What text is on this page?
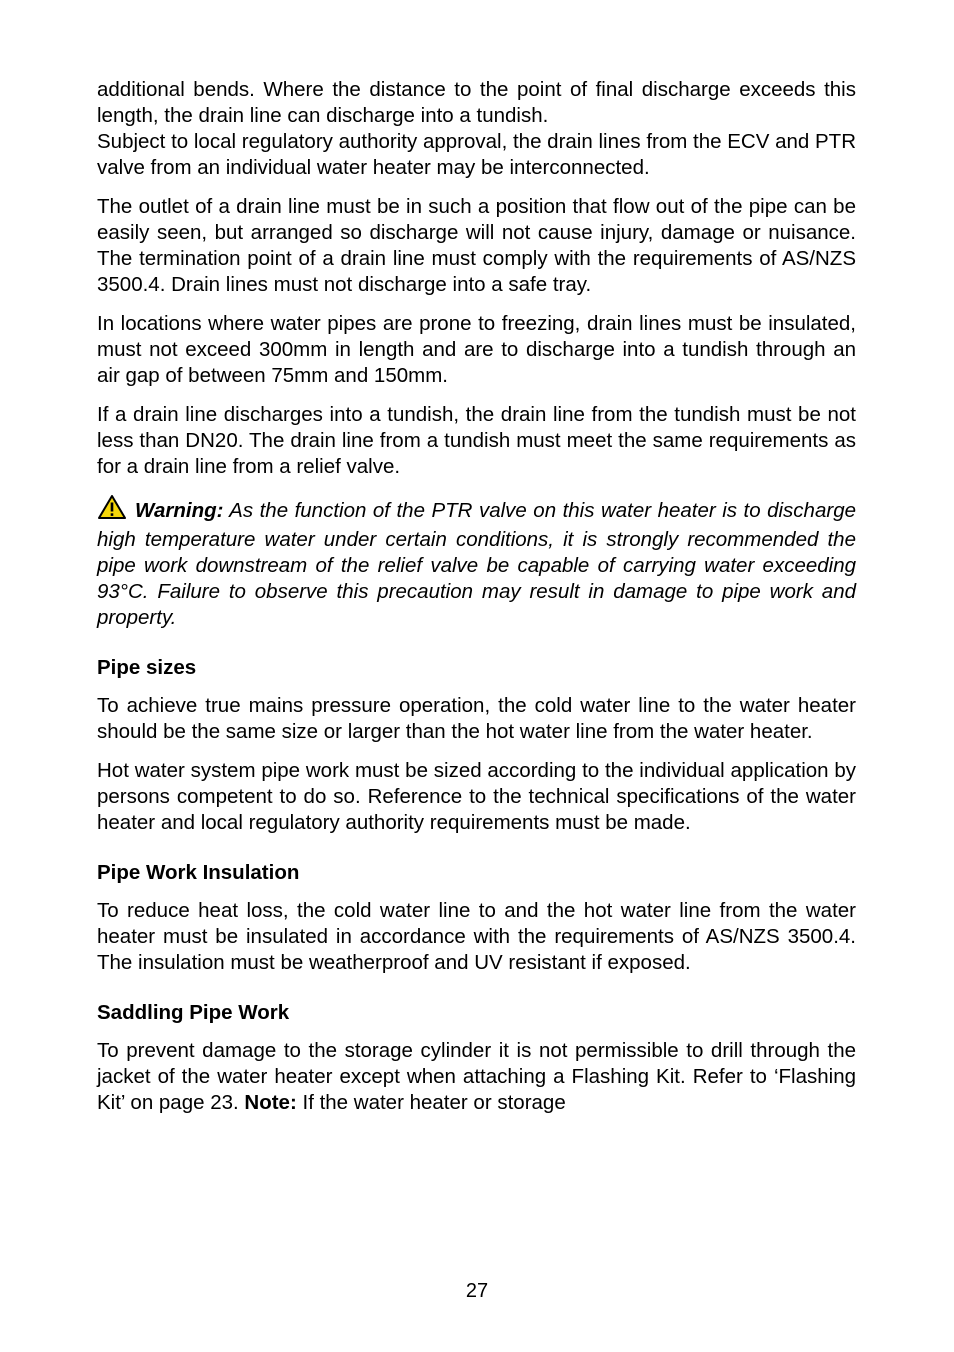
additional bends. Where the distance to the point of final discharge exceeds this length, the drain line can discharge into a tundish.

Subject to local regulatory authority approval, the drain lines from the ECV and PTR valve from an individual water heater may be interconnected.

The outlet of a drain line must be in such a position that flow out of the pipe can be easily seen, but arranged so discharge will not cause injury, damage or nuisance. The termination point of a drain line must comply with the requirements of AS/NZS 3500.4. Drain lines must not discharge into a safe tray.

In locations where water pipes are prone to freezing, drain lines must be insulated, must not exceed 300mm in length and are to discharge into a tundish through an air gap of between 75mm and 150mm.

If a drain line discharges into a tundish, the drain line from the tundish must be not less than DN20. The drain line from a tundish must meet the same requirements as for a drain line from a relief valve.

Warning: As the function of the PTR valve on this water heater is to discharge high temperature water under certain conditions, it is strongly recommended the pipe work downstream of the relief valve be capable of carrying water exceeding 93°C. Failure to observe this precaution may result in damage to pipe work and property.

Pipe sizes

To achieve true mains pressure operation, the cold water line to the water heater should be the same size or larger than the hot water line from the water heater.

Hot water system pipe work must be sized according to the individual application by persons competent to do so. Reference to the technical specifications of the water heater and local regulatory authority requirements must be made.

Pipe Work Insulation

To reduce heat loss, the cold water line to and the hot water line from the water heater must be insulated in accordance with the requirements of AS/NZS 3500.4. The insulation must be weatherproof and UV resistant if exposed.

Saddling Pipe Work

To prevent damage to the storage cylinder it is not permissible to drill through the jacket of the water heater except when attaching a Flashing Kit. Refer to ‘Flashing Kit’ on page 23. Note: If the water heater or storage

27
